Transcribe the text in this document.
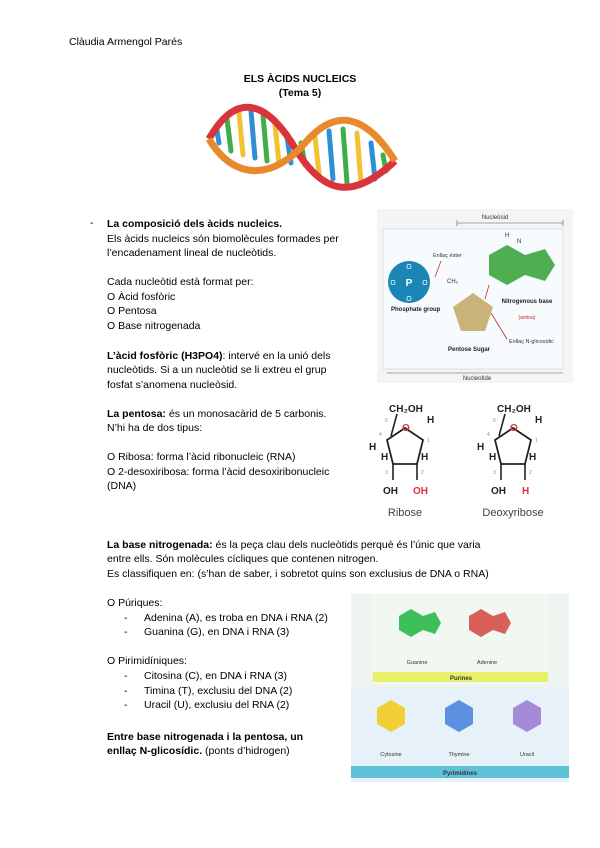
Clàudia Armengol Parés
ELS ÀCIDS NUCLEICS
(Tema 5)
- La composició dels àcids nucleics.
Els àcids nucleics són biomolècules formades per
l’encadenament lineal de nucleòtids.
Cada nucleòtid està format per:
O Àcid fosfòric
O Pentosa
O Base nitrogenada
L’àcid fosfòric (H3PO4): intervé en la unió dels
nucleòtids. Si a un nucleòtid se li extreu el grup
fosfat s’anomena nucleòsid.
La pentosa: és un monosacàrid de 5 carbonis.
N’hi ha de dos tipus:
O Ribosa: forma l’àcid ribonucleic (RNA)
O 2-desoxiribosa: forma l’àcid desoxiribonucleic
(DNA)
La base nitrogenada: és la peça clau dels nucleòtids perquè és l’únic que varia
entre ells. Són molècules cícliques que contenen nitrogen.
Es classifiquen en: (s’han de saber, i sobretot quins son exclusius de DNA o RNA)
O Púriques:
- Adenina (A), es troba en DNA i RNA (2)
- Guanina (G), en DNA i RNA (3)
O Pirimidíniques:
- Citosina (C), en DNA i RNA (3)
- Timina (T), exclusiu del DNA (2)
- Uracil (U), exclusiu del RNA (2)
Entre base nitrogenada i la pentosa, un
enllaç N-glicosídic. (ponts d’hidrogen)
Nucleòsid
Nucleotide
P
O
O
O	O
Phosphate group
Enllaç éster
CH₂
Pentose Sugar
N
H
Nitrogenous base
(amina)
Enllaç N-glicosídic
CH₂OH
O
H
H
H	H
OH OH
4
1
3	2
5
Ribose
CH₂OH
O
H
H
H	H
OH H
4
1
3	2
5
Deoxyribose
Guanine	Adenine
Purines
Cytosine	Thymine	Uracil
Pyrimidines
